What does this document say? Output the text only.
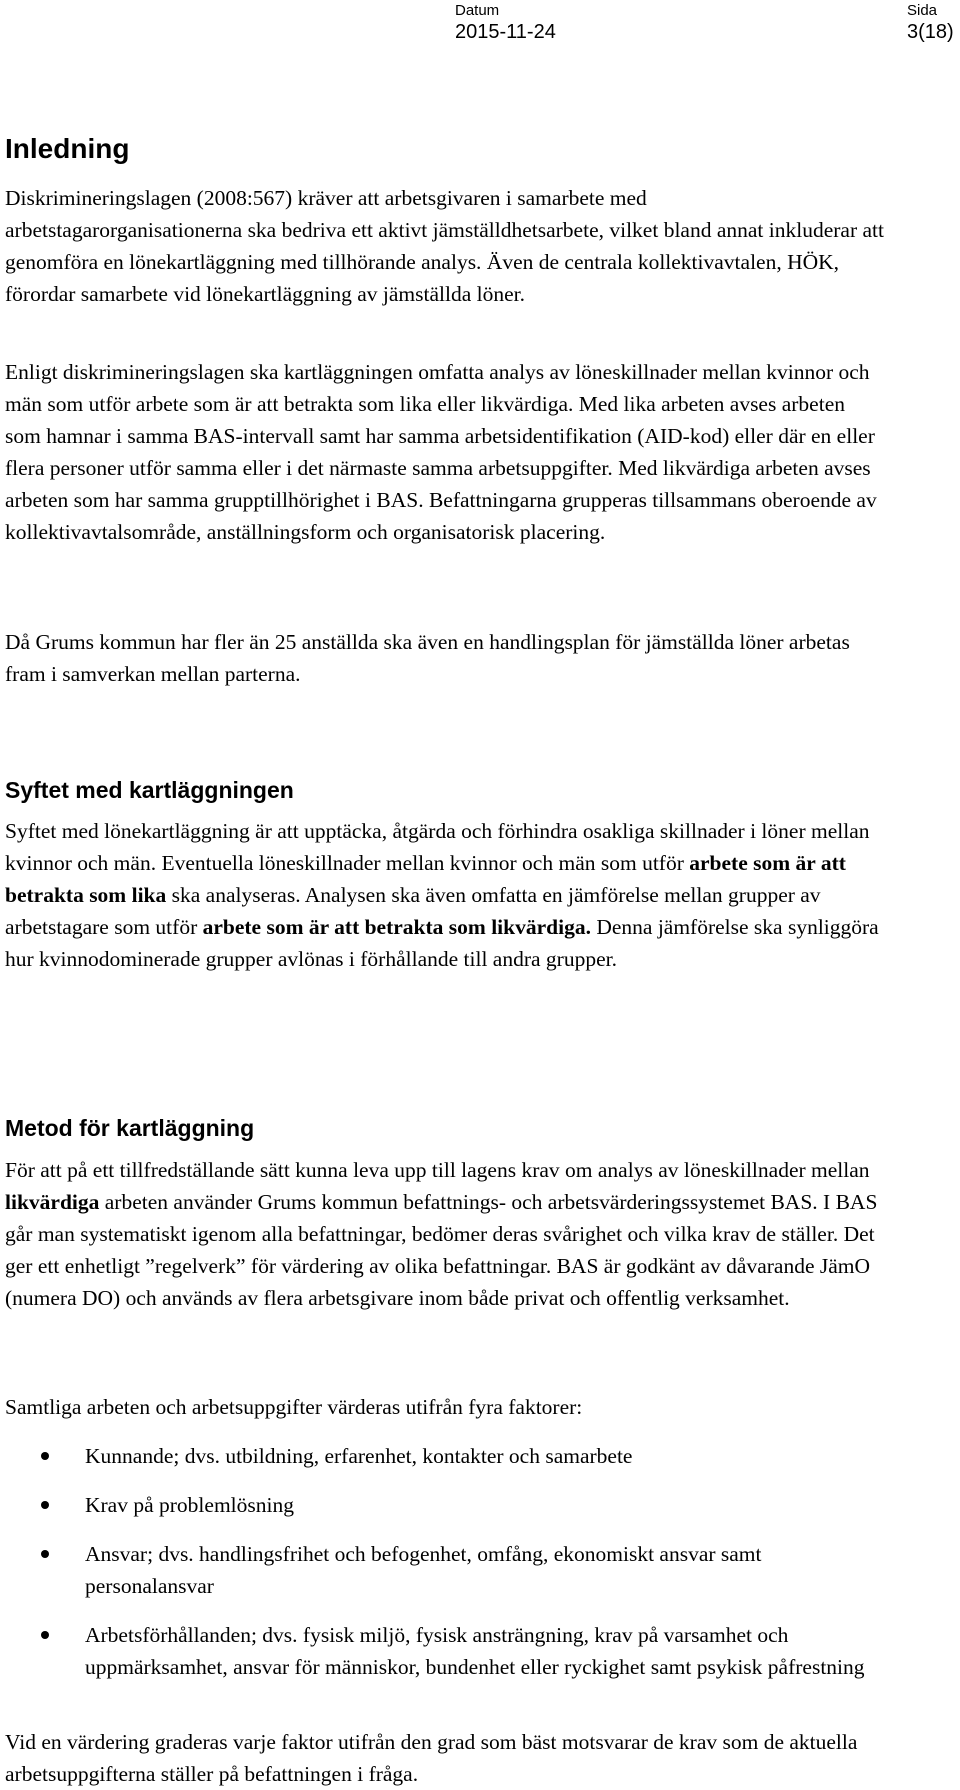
Datum
2015-11-24
Sida
3(18)
Inledning

Diskrimineringslagen (2008:567) kräver att arbetsgivaren i samarbete med arbetstagarorganisationerna ska bedriva ett aktivt jämställdhetsarbete, vilket bland annat inkluderar att genomföra en lönekartläggning med tillhörande analys. Även de centrala kollektivavtalen, HÖK, förordar samarbete vid lönekartläggning av jämställda löner.

Enligt diskrimineringslagen ska kartläggningen omfatta analys av löneskillnader mellan kvinnor och män som utför arbete som är att betrakta som lika eller likvärdiga. Med lika arbeten avses arbeten som hamnar i samma BAS-intervall samt har samma arbetsidentifikation (AID-kod) eller där en eller flera personer utför samma eller i det närmaste samma arbetsuppgifter. Med likvärdiga arbeten avses arbeten som har samma grupptillhörighet i BAS. Befattningarna grupperas tillsammans oberoende av kollektivavtalsområde, anställningsform och organisatorisk placering.

Då Grums kommun har fler än 25 anställda ska även en handlingsplan för jämställda löner arbetas fram i samverkan mellan parterna.

Syftet med kartläggningen

Syftet med lönekartläggning är att upptäcka, åtgärda och förhindra osakliga skillnader i löner mellan kvinnor och män. Eventuella löneskillnader mellan kvinnor och män som utför arbete som är att betrakta som lika ska analyseras. Analysen ska även omfatta en jämförelse mellan grupper av arbetstagare som utför arbete som är att betrakta som likvärdiga. Denna jämförelse ska synliggöra hur kvinnodominerade grupper avlönas i förhållande till andra grupper.

Metod för kartläggning

För att på ett tillfredställande sätt kunna leva upp till lagens krav om analys av löneskillnader mellan likvärdiga arbeten använder Grums kommun befattnings- och arbetsvärderingssystemet BAS. I BAS går man systematiskt igenom alla befattningar, bedömer deras svårighet och vilka krav de ställer. Det ger ett enhetligt ”regelverk” för värdering av olika befattningar. BAS är godkänt av dåvarande JämO (numera DO) och används av flera arbetsgivare inom både privat och offentlig verksamhet.

Samtliga arbeten och arbetsuppgifter värderas utifrån fyra faktorer:

Kunnande; dvs. utbildning, erfarenhet, kontakter och samarbete
Krav på problemlösning
Ansvar; dvs. handlingsfrihet och befogenhet, omfång, ekonomiskt ansvar samt personalansvar
Arbetsförhållanden; dvs. fysisk miljö, fysisk ansträngning, krav på varsamhet och uppmärksamhet, ansvar för människor, bundenhet eller ryckighet samt psykisk påfrestning

Vid en värdering graderas varje faktor utifrån den grad som bäst motsvarar de krav som de aktuella arbetsuppgifterna ställer på befattningen i fråga.
